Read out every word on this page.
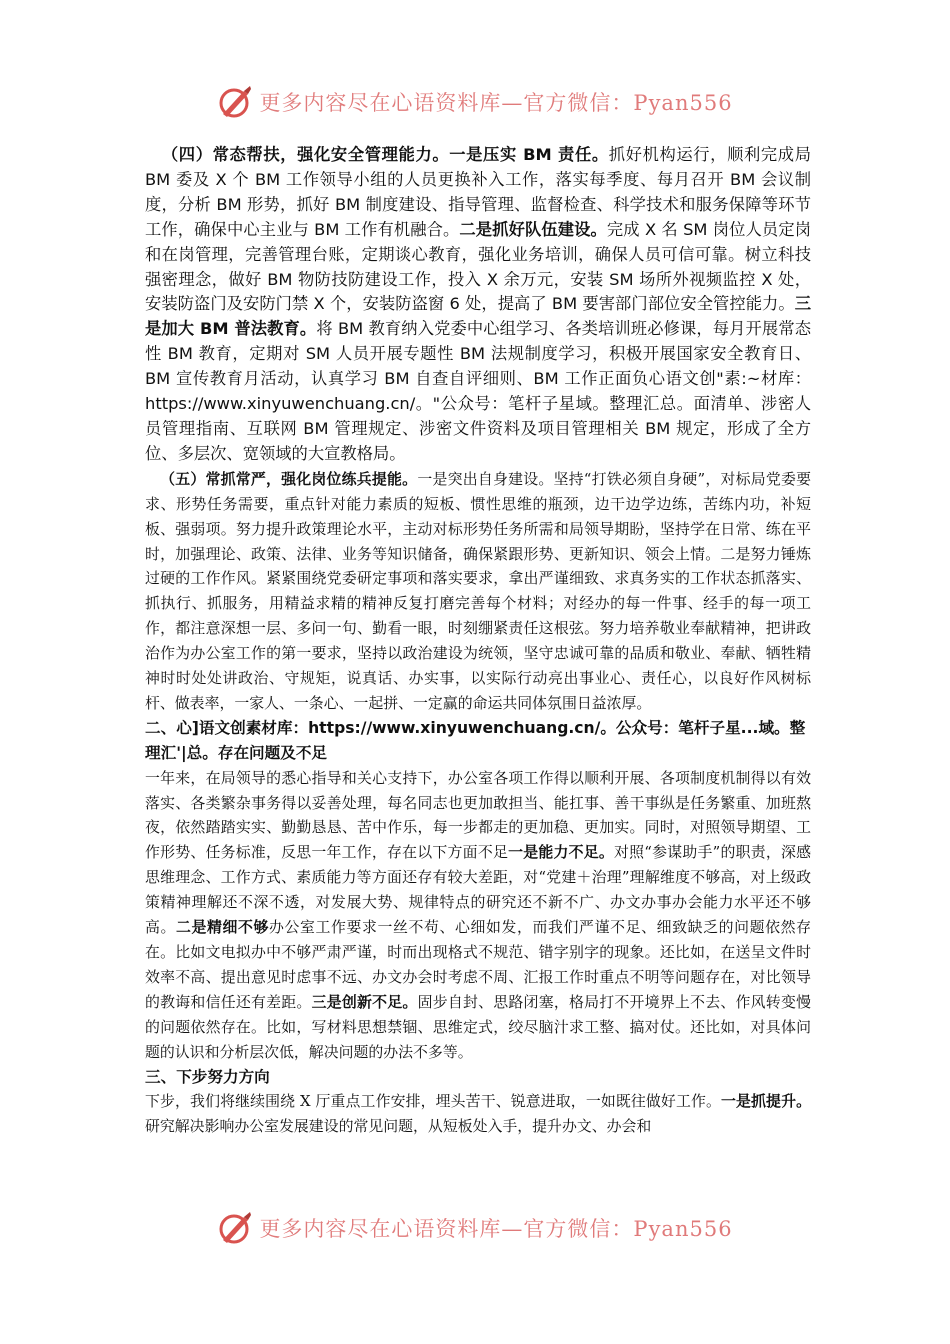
更多内容尽在心语资料库—官方微信：Pyan556

 （四）常态帮扶，强化安全管理能力。一是压实 BM 责任。抓好机构运行，顺利完成局 BM 委及 X 个 BM 工作领导小组的人员更换补入工作，落实每季度、每月召开 BM 会议制度，分析 BM 形势，抓好 BM 制度建设、指导管理、监督检查、科学技术和服务保障等环节工作，确保中心主业与 BM 工作有机融合。二是抓好队伍建设。完成 X 名 SM 岗位人员定岗和在岗管理，完善管理台账，定期谈心教育，强化业务培训，确保人员可信可靠。树立科技强密理念，做好 BM 物防技防建设工作，投入 X 余万元，安装 SM 场所外视频监控 X 处，安装防盗门及安防门禁 X 个，安装防盗窗 6 处，提高了 BM 要害部门部位安全管控能力。三是加大 BM 普法教育。将 BM 教育纳入党委中心组学习、各类培训班必修课，每月开展常态性 BM 教育，定期对 SM 人员开展专题性 BM 法规制度学习，积极开展国家安全教育日、BM 宣传教育月活动，认真学习 BM 自查自评细则、BM 工作正面负心语文创"素:~材库：https://www.xinyuwenchuang.cn/。"公众号：笔杆子星域。整理汇总。面清单、涉密人员管理指南、互联网 BM 管理规定、涉密文件资料及项目管理相关 BM 规定，形成了全方位、多层次、宽领域的大宣教格局。

 （五）常抓常严，强化岗位练兵提能。一是突出自身建设。坚持“打铁必须自身硬”，对标局党委要求、形势任务需要，重点针对能力素质的短板、惯性思维的瓶颈，边干边学边练，苦练内功，补短板、强弱项。努力提升政策理论水平，主动对标形势任务所需和局领导期盼，坚持学在日常、练在平时，加强理论、政策、法律、业务等知识储备，确保紧跟形势、更新知识、领会上情。二是努力锤炼过硬的工作作风。紧紧围绕党委研定事项和落实要求，拿出严谨细致、求真务实的工作状态抓落实、抓执行、抓服务，用精益求精的精神反复打磨完善每个材料；对经办的每一件事、经手的每一项工作，都注意深想一层、多问一句、勤看一眼，时刻绷紧责任这根弦。努力培养敬业奉献精神，把讲政治作为办公室工作的第一要求，坚持以政治建设为统领，坚守忠诚可靠的品质和敬业、奉献、牺牲精神时时处处讲政治、守规矩，说真话、办实事，以实际行动亮出事业心、责任心，以良好作风树标杆、做表率，一家人、一条心、一起拼、一定赢的命运共同体氛围日益浓厚。

二、心]语文创素材库：https://www.xinyuwenchuang.cn/。公众号：笔杆子星...域。整理汇'|总。存在问题及不足

一年来，在局领导的悉心指导和关心支持下，办公室各项工作得以顺利开展、各项制度机制得以有效落实、各类繁杂事务得以妥善处理，每名同志也更加敢担当、能扛事、善干事纵是任务繁重、加班熬夜，依然踏踏实实、勤勤恳恳、苦中作乐，每一步都走的更加稳、更加实。同时，对照领导期望、工作形势、任务标准，反思一年工作，存在以下方面不足一是能力不足。对照“参谋助手”的职责，深感思维理念、工作方式、素质能力等方面还存有较大差距，对“党建＋治理”理解维度不够高，对上级政策精神理解还不深不透，对发展大势、规律特点的研究还不新不广、办文办事办会能力水平还不够高。二是精细不够办公室工作要求一丝不苟、心细如发，而我们严谨不足、细致缺乏的问题依然存在。比如文电拟办中不够严肃严谨，时而出现格式不规范、错字别字的现象。还比如，在送呈文件时效率不高、提出意见时虑事不远、办文办会时考虑不周、汇报工作时重点不明等问题存在，对比领导的教诲和信任还有差距。三是创新不足。固步自封、思路闭塞，格局打不开境界上不去、作风转变慢的问题依然存在。比如，写材料思想禁锢、思维定式，绞尽脑汁求工整、搞对仗。还比如，对具体问题的认识和分析层次低，解决问题的办法不多等。

三、下步努力方向

下步，我们将继续围绕 X 厅重点工作安排，埋头苦干、锐意进取，一如既往做好工作。一是抓提升。研究解决影响办公室发展建设的常见问题，从短板处入手，提升办文、办会和

更多内容尽在心语资料库—官方微信：Pyan556
